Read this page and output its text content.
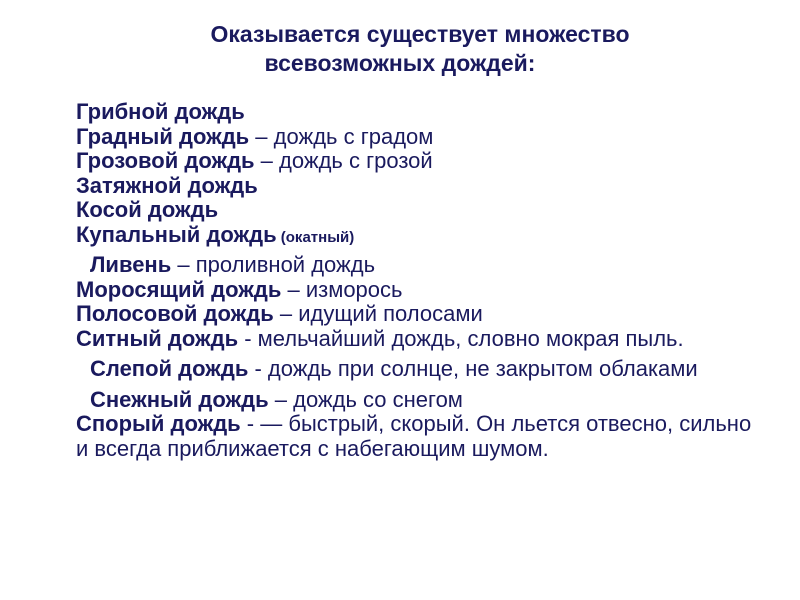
Оказывается существует множество
всевозможных дождей:
Грибной дождь
Градный дождь – дождь с градом
Грозовой дождь – дождь с грозой
Затяжной дождь
Косой дождь
Купальный дождь (окатный)
Ливень – проливной дождь
Моросящий дождь – изморось
Полосовой дождь – идущий полосами
Ситный дождь - мельчайший дождь, словно мокрая пыль.
Слепой дождь - дождь при солнце, не закрытом облаками
Снежный дождь – дождь со снегом
Спорый дождь - — быстрый, скорый. Он льется отвесно, сильно и всегда приближается с набегающим шумом.
